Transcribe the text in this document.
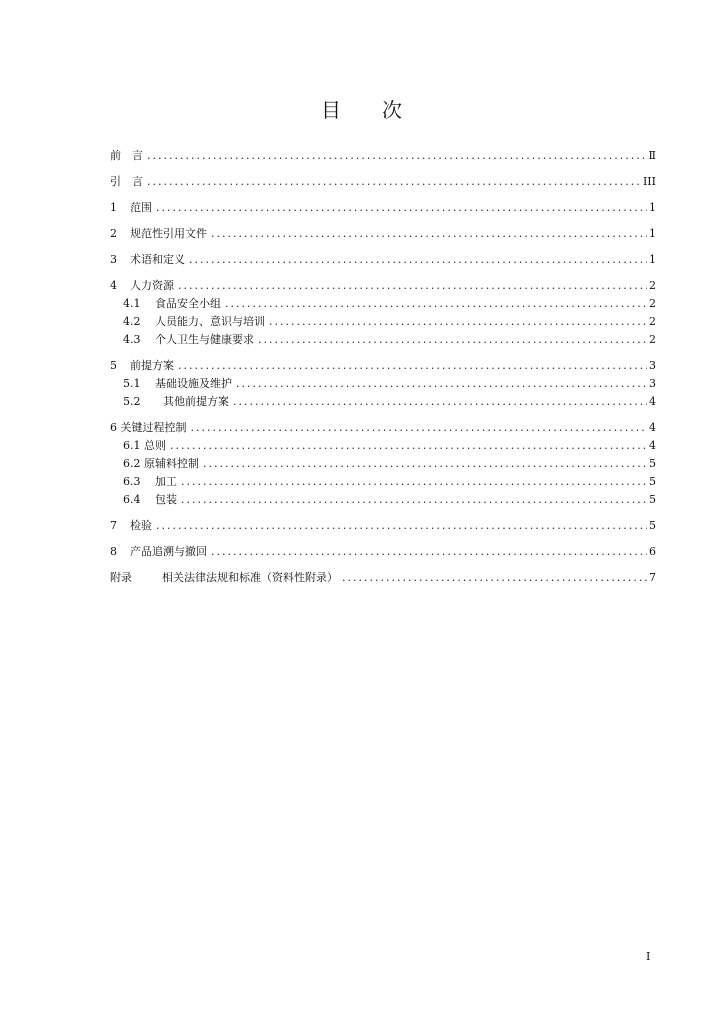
目 次
前　言 .....	Ⅱ
引　言 .....	III
1	范围 .....	1
2	规范性引用文件 .....	1
3	术语和定义 .....	1
4	人力资源 .....	2
4.1	食品安全小组 .....	2
4.2	人员能力、意识与培训 .....	2
4.3	个人卫生与健康要求 .....	2
5	前提方案 .....	3
5.1	基础设施及维护 .....	3
5.2	其他前提方案 .....	4
6 关键过程控制 .....	4
6.1 总则 .....	4
6.2 原辅料控制 .....	5
6.3	加工 .....	5
6.4	包装 .....	5
7	检验 .....	5
8	产品追溯与撤回 .....	6
附录	相关法律法规和标准（资料性附录） .....	7
I
